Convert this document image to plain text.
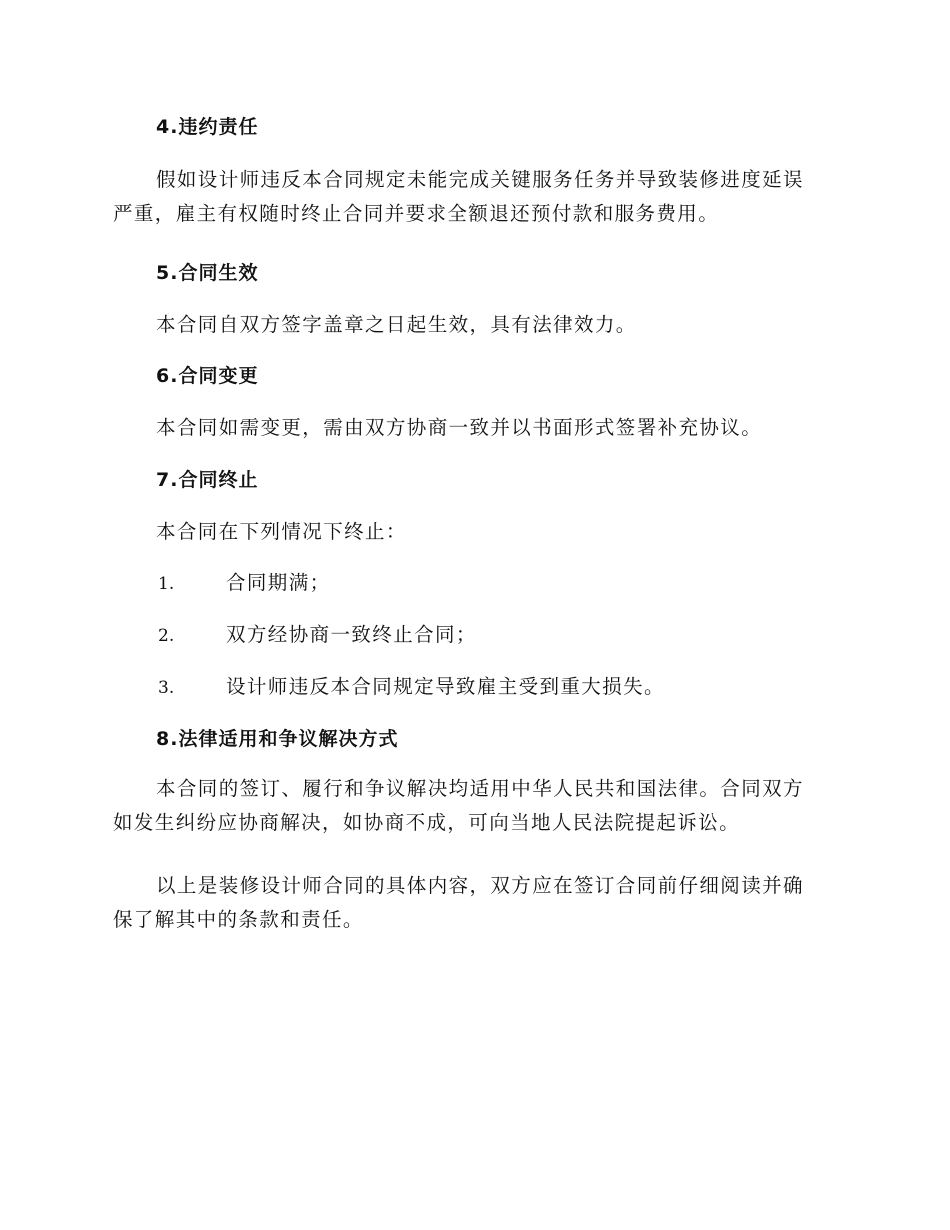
4.违约责任
假如设计师违反本合同规定未能完成关键服务任务并导致装修进度延误
严重，雇主有权随时终止合同并要求全额退还预付款和服务费用。
5.合同生效
本合同自双方签字盖章之日起生效，具有法律效力。
6.合同变更
本合同如需变更，需由双方协商一致并以书面形式签署补充协议。
7.合同终止
本合同在下列情况下终止：
1.	合同期满；
2.	双方经协商一致终止合同；
3.	设计师违反本合同规定导致雇主受到重大损失。
8.法律适用和争议解决方式
本合同的签订、履行和争议解决均适用中华人民共和国法律。合同双方
如发生纠纷应协商解决，如协商不成，可向当地人民法院提起诉讼。
以上是装修设计师合同的具体内容，双方应在签订合同前仔细阅读并确
保了解其中的条款和责任。
